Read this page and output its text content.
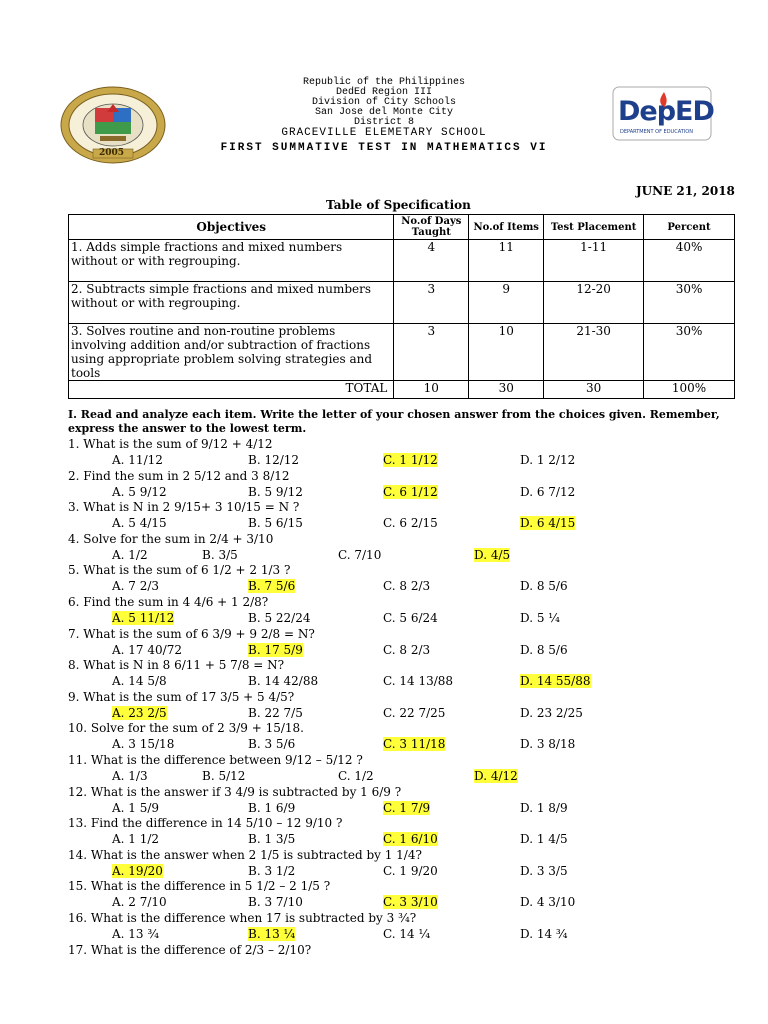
Republic of the Philippines
DedEd Region III
Division of City Schools
San Jose del Monte City
District 8
GRACEVILLE ELEMETARY SCHOOL
FIRST SUMMATIVE TEST IN MATHEMATICS VI
2005
DepED
DEPARTMENT OF EDUCATION
JUNE 21, 2018
Table of Specification
Objectives	No.of Days Taught	No.of Items	Test Placement	Percent
1. Adds simple fractions and mixed numbers without or with regrouping.	4	11	1-11	40%
2. Subtracts simple fractions and mixed numbers without or with regrouping.	3	9	12-20	30%
3. Solves routine and non-routine problems involving addition and/or subtraction of fractions using appropriate problem solving strategies and tools	3	10	21-30	30%
TOTAL	10	30	30	100%
I. Read and analyze each item. Write the letter of your chosen answer from the choices given. Remember, express the answer to the lowest term.
1. What is the sum of 9/12 + 4/12
A. 11/12	B. 12/12	C. 1 1/12	D. 1 2/12
2. Find the sum in 2 5/12 and 3 8/12
A. 5 9/12	B. 5 9/12	C. 6 1/12	D. 6 7/12
3. What is N in 2 9/15+ 3 10/15 = N ?
A. 5 4/15	B. 5 6/15	C. 6 2/15	D. 6 4/15
4. Solve for the sum in 2/4 + 3/10
A. 1/2	B. 3/5	C. 7/10	D. 4/5
5. What is the sum of 6 1/2 + 2 1/3 ?
A. 7 2/3	B. 7 5/6	C. 8 2/3	D. 8 5/6
6. Find the sum in 4 4/6 + 1 2/8?
A. 5 11/12	B. 5 22/24	C. 5 6/24	D. 5 ¼
7. What is the sum of 6 3/9 + 9 2/8 = N?
A. 17 40/72	B. 17 5/9	C. 8 2/3	D. 8 5/6
8. What is N in 8 6/11 + 5 7/8 = N?
A. 14 5/8	B. 14 42/88	C. 14 13/88	D. 14 55/88
9. What is the sum of 17 3/5 + 5 4/5?
A. 23 2/5	B. 22 7/5	C. 22 7/25	D. 23 2/25
10. Solve for the sum of 2 3/9 + 15/18.
A. 3 15/18	B. 3 5/6	C. 3 11/18	D. 3 8/18
11. What is the difference between 9/12 – 5/12 ?
A. 1/3	B. 5/12	C. 1/2	D. 4/12
12. What is the answer if 3 4/9 is subtracted by 1 6/9 ?
A. 1 5/9	B. 1 6/9	C. 1 7/9	D. 1 8/9
13. Find the difference in 14 5/10 – 12 9/10 ?
A. 1 1/2	B. 1 3/5	C. 1 6/10	D. 1 4/5
14. What is the answer when 2 1/5 is subtracted by 1 1/4?
A. 19/20	B. 3 1/2	C. 1 9/20	D. 3 3/5
15. What is the difference in 5 1/2 – 2 1/5 ?
A. 2 7/10	B. 3 7/10	C. 3 3/10	D. 4 3/10
16. What is the difference when 17 is subtracted by 3 ¾?
A. 13 ¾	B. 13 ¼	C. 14 ¼	D. 14 ¾
17. What is the difference of 2/3 – 2/10?
